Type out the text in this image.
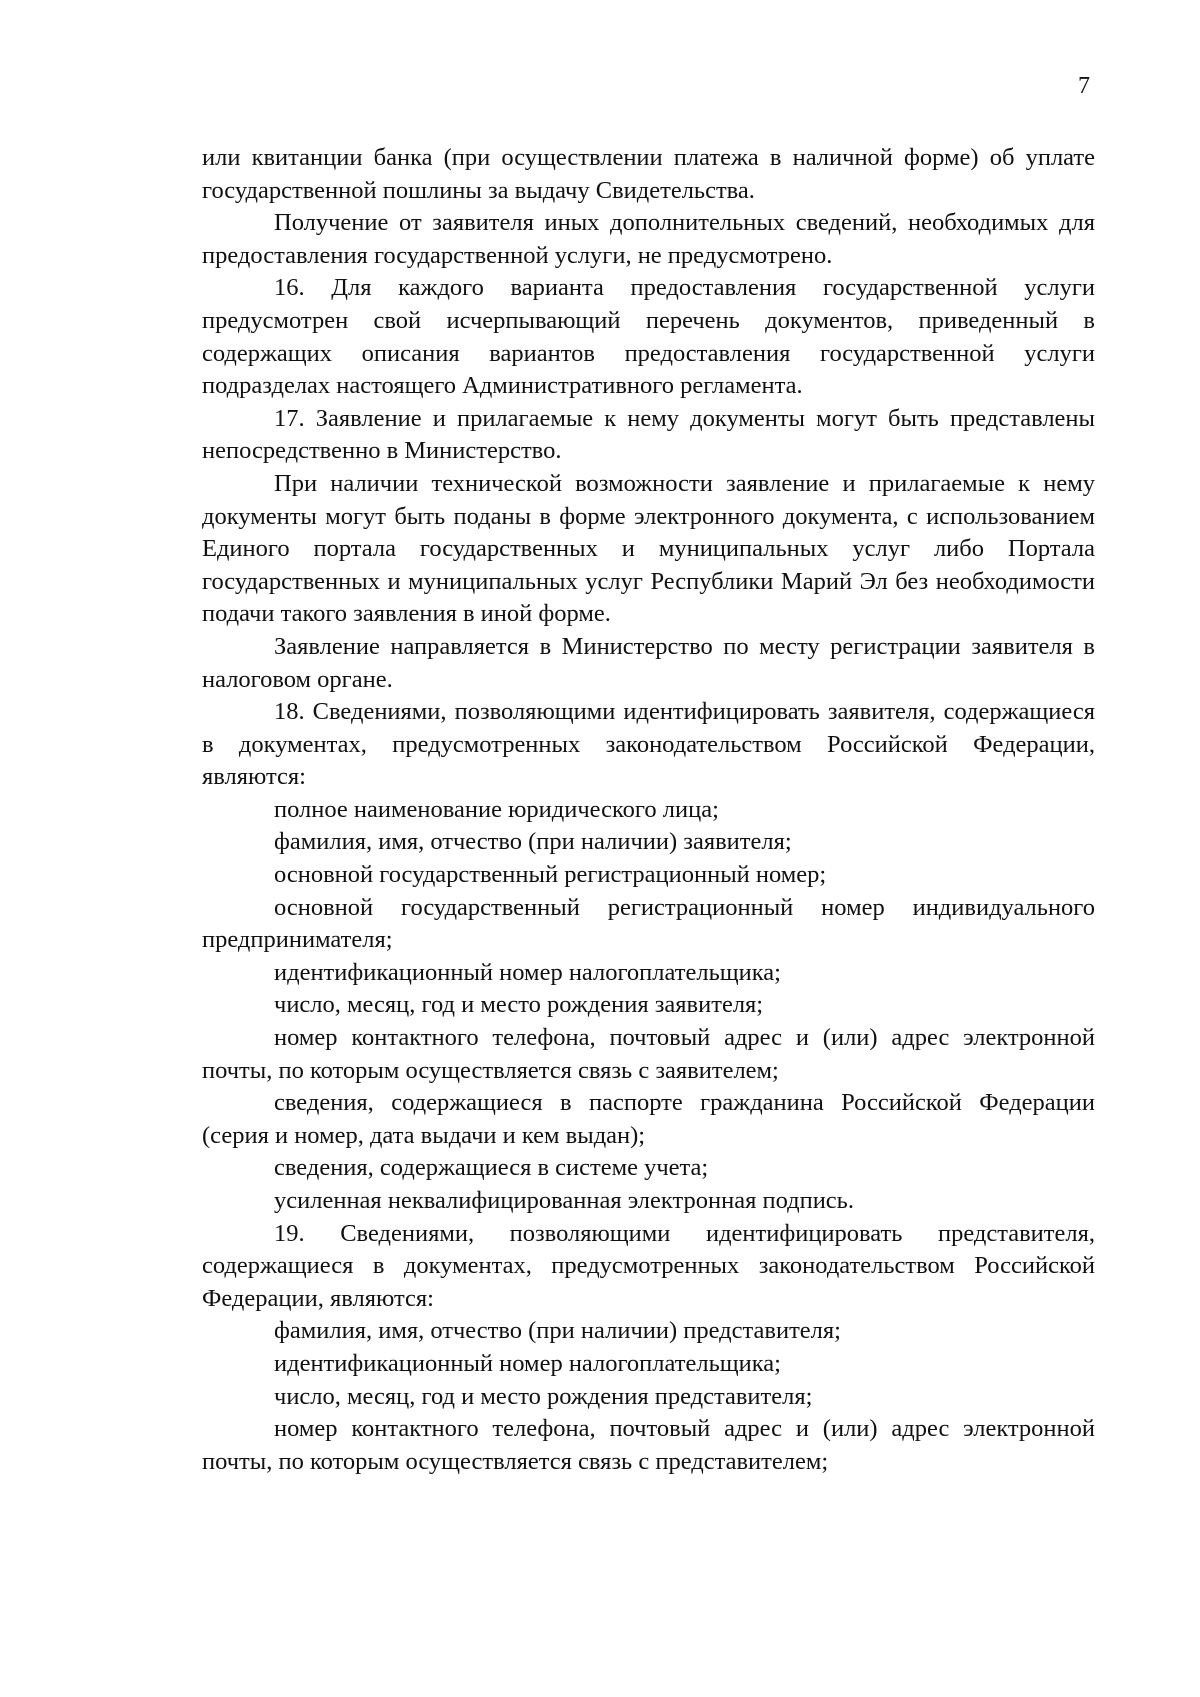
7

или квитанции банка (при осуществлении платежа в наличной форме) об уплате государственной пошлины за выдачу Свидетельства.

Получение от заявителя иных дополнительных сведений, необходимых для предоставления государственной услуги, не предусмотрено.

16. Для каждого варианта предоставления государственной услуги предусмотрен свой исчерпывающий перечень документов, приведенный в содержащих описания вариантов предоставления государственной услуги подразделах настоящего Административного регламента.

17. Заявление и прилагаемые к нему документы могут быть представлены непосредственно в Министерство.

При наличии технической возможности заявление и прилагаемые к нему документы могут быть поданы в форме электронного документа, с использованием Единого портала государственных и муниципальных услуг либо Портала государственных и муниципальных услуг Республики Марий Эл без необходимости подачи такого заявления в иной форме.

Заявление направляется в Министерство по месту регистрации заявителя в налоговом органе.

18. Сведениями, позволяющими идентифицировать заявителя, содержащиеся в документах, предусмотренных законодательством Российской Федерации, являются:

полное наименование юридического лица;

фамилия, имя, отчество (при наличии) заявителя;

основной государственный регистрационный номер;

основной государственный регистрационный номер индивидуального предпринимателя;

идентификационный номер налогоплательщика;

число, месяц, год и место рождения заявителя;

номер контактного телефона, почтовый адрес и (или) адрес электронной почты, по которым осуществляется связь с заявителем;

сведения, содержащиеся в паспорте гражданина Российской Федерации (серия и номер, дата выдачи и кем выдан);

сведения, содержащиеся в системе учета;

усиленная неквалифицированная электронная подпись.

19. Сведениями, позволяющими идентифицировать представителя, содержащиеся в документах, предусмотренных законодательством Российской Федерации, являются:

фамилия, имя, отчество (при наличии) представителя;

идентификационный номер налогоплательщика;

число, месяц, год и место рождения представителя;

номер контактного телефона, почтовый адрес и (или) адрес электронной почты, по которым осуществляется связь с представителем;
